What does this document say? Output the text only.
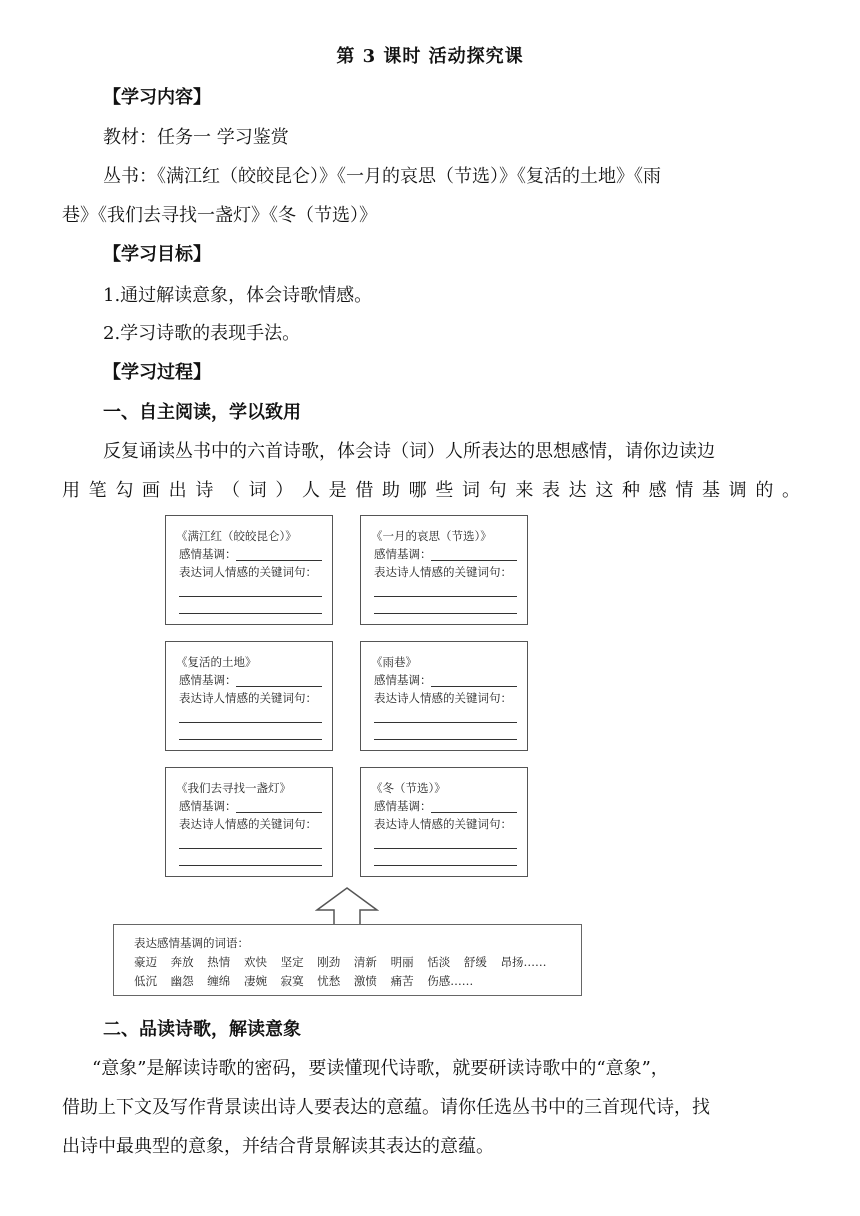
第 3 课时 活动探究课
【学习内容】
教材：任务一 学习鉴赏
丛书：《满江红（皎皎昆仑）》《一月的哀思（节选）》《复活的土地》《雨
巷》《我们去寻找一盏灯》《冬（节选）》
【学习目标】
1.通过解读意象，体会诗歌情感。
2.学习诗歌的表现手法。
【学习过程】
一、自主阅读，学以致用
反复诵读丛书中的六首诗歌，体会诗（词）人所表达的思想感情，请你边读边
用笔勾画出诗（词）人是借助哪些词句来表达这种感情基调的。
《满江红（皎皎昆仑）》
感情基调：
表达词人情感的关键词句：
《一月的哀思（节选）》
感情基调：
表达诗人情感的关键词句：
《复活的土地》
感情基调：
表达诗人情感的关键词句：
《雨巷》
感情基调：
表达诗人情感的关键词句：
《我们去寻找一盏灯》
感情基调：
表达诗人情感的关键词句：
《冬（节选）》
感情基调：
表达诗人情感的关键词句：
表达感情基调的词语：
豪迈 奔放 热情 欢快 坚定 刚劲 清新 明丽 恬淡 舒缓 昂扬……
低沉 幽怨 缠绵 凄婉 寂寞 忧愁 激愤 痛苦 伤感……
二、品读诗歌，解读意象
“意象”是解读诗歌的密码，要读懂现代诗歌，就要研读诗歌中的“意象”，
借助上下文及写作背景读出诗人要表达的意蕴。请你任选丛书中的三首现代诗，找
出诗中最典型的意象，并结合背景解读其表达的意蕴。
